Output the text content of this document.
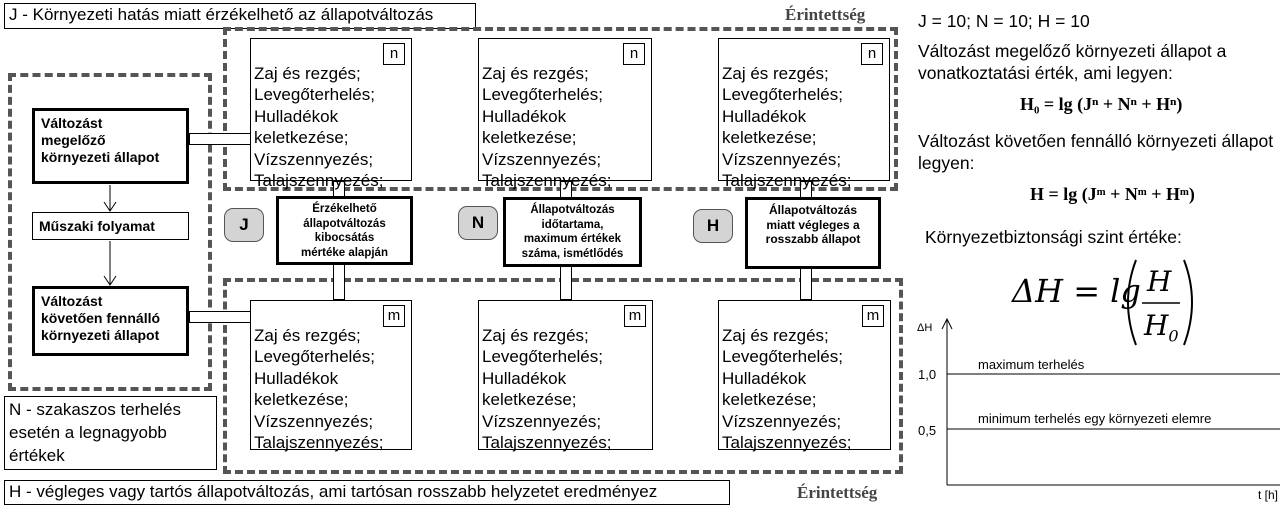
J - Környezeti hatás miatt érzékelhető az állapotváltozás
Változást
megelőző
környezeti állapot
Műszaki folyamat
Változást
követően fennálló
környezeti állapot
N - szakaszos terhelés
esetén a legnagyobb
értékek
H - végleges vagy tartós állapotváltozás, ami tartósan rosszabb helyzetet eredményez
Érintettség
Érintettség

Zaj és rezgés;
Levegőterhelés;
Hulladékok
keletkezése;
Vízszennyezés;
Talajszennyezés;

n

Zaj és rezgés;
Levegőterhelés;
Hulladékok
keletkezése;
Vízszennyezés;
Talajszennyezés;

n

Zaj és rezgés;
Levegőterhelés;
Hulladékok
keletkezése;
Vízszennyezés;
Talajszennyezés;

n

J	N	H
Érzékelhető
állapotváltozás
kibocsátás
mértéke alapján
Állapotváltozás
időtartama,
maximum értékek
száma, ismétlődés
Állapotváltozás
miatt végleges a
rosszabb állapot

Zaj és rezgés;
Levegőterhelés;
Hulladékok
keletkezése;
Vízszennyezés;
Talajszennyezés;

m

Zaj és rezgés;
Levegőterhelés;
Hulladékok
keletkezése;
Vízszennyezés;
Talajszennyezés;

m

Zaj és rezgés;
Levegőterhelés;
Hulladékok
keletkezése;
Vízszennyezés;
Talajszennyezés;

m

J = 10; N = 10; H = 10
Változást megelőző környezeti állapot a vonatkoztatási érték, ami legyen:
H₀ = lg (Jⁿ + Nⁿ + Hⁿ)
Változást követően fennálló környezeti állapot legyen:
H = lg (Jᵐ + Nᵐ + Hᵐ)
Környezetbiztonsági szint értéke:
ΔH = lg H
$H_0$
ΔH
t [h]
1,0
0,5
maximum terhelés
minimum terhelés egy környezeti elemre
